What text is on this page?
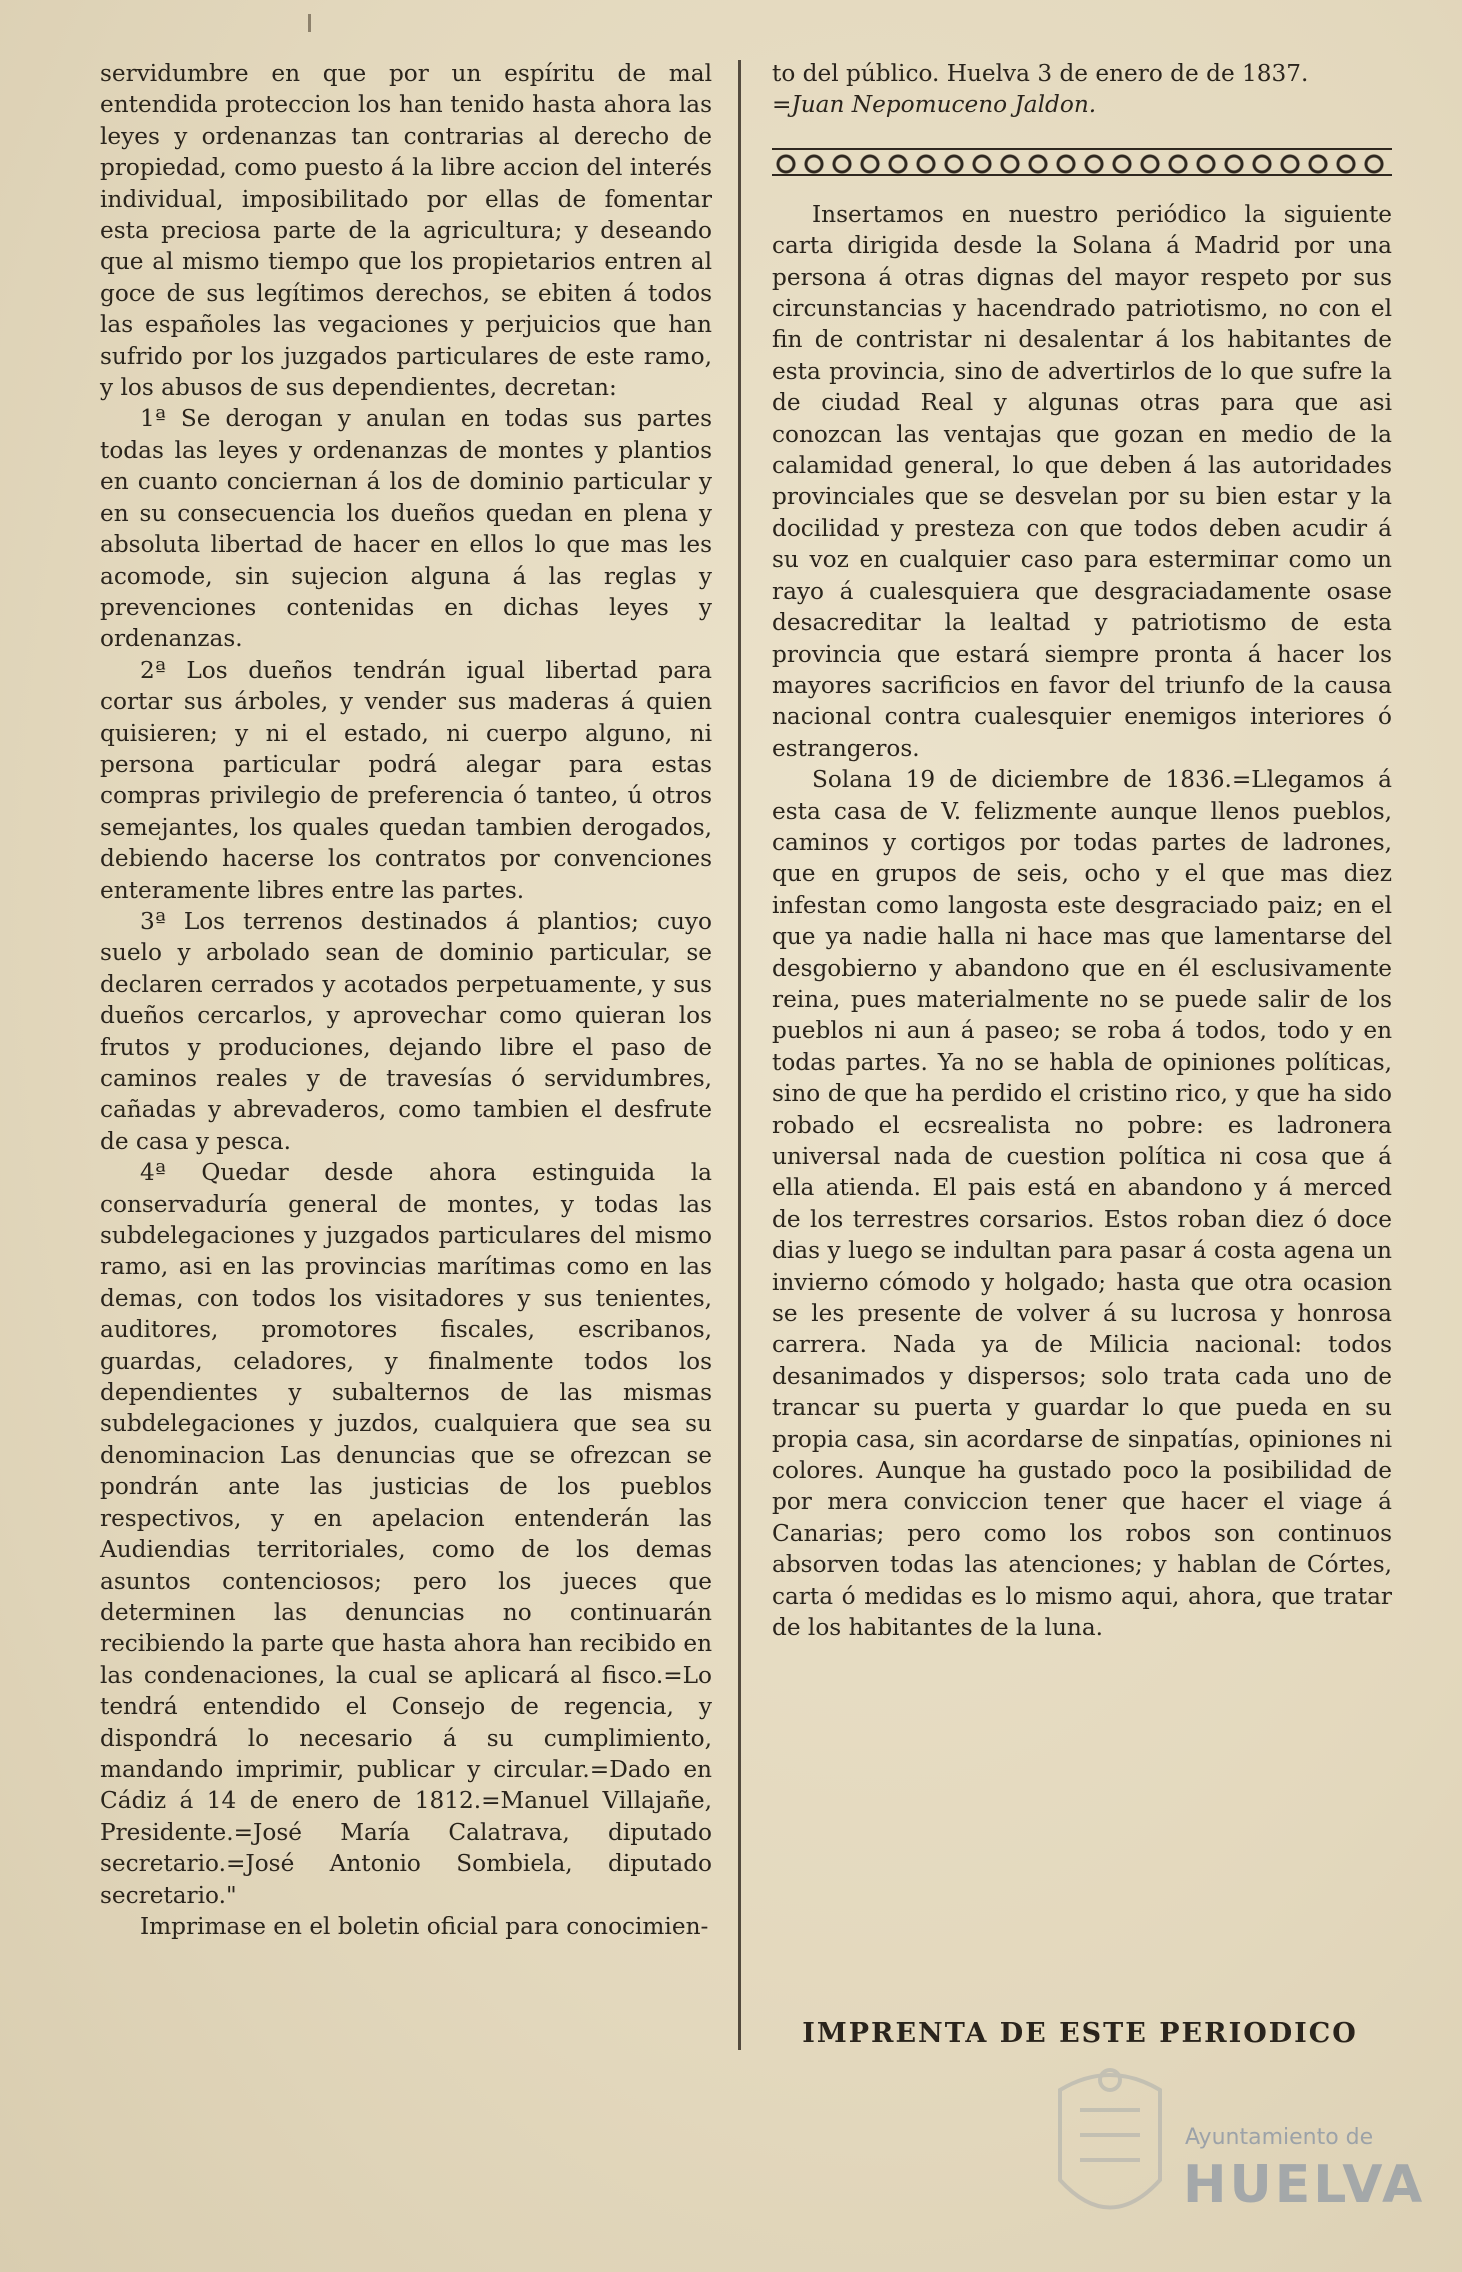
servidumbre en que por un espíritu de mal entendida proteccion los han tenido hasta ahora las leyes y ordenanzas tan contrarias al derecho de propiedad, como puesto á la libre accion del interés individual, imposibilitado por ellas de fomentar esta preciosa parte de la agricultura; y deseando que al mismo tiempo que los propietarios entren al goce de sus legítimos derechos, se ebiten á todos las españoles las vegaciones y perjuicios que han sufrido por los juzgados particulares de este ramo, y los abusos de sus dependientes, decretan:

1ª Se derogan y anulan en todas sus partes todas las leyes y ordenanzas de montes y plantios en cuanto conciernan á los de dominio particular y en su consecuencia los dueños quedan en plena y absoluta libertad de hacer en ellos lo que mas les acomode, sin sujecion alguna á las reglas y prevenciones contenidas en dichas leyes y ordenanzas.

2ª Los dueños tendrán igual libertad para cortar sus árboles, y vender sus maderas á quien quisieren; y ni el estado, ni cuerpo alguno, ni persona particular podrá alegar para estas compras privilegio de preferencia ó tanteo, ú otros semejantes, los quales quedan tambien derogados, debiendo hacerse los contratos por convenciones enteramente libres entre las partes.

3ª Los terrenos destinados á plantios; cuyo suelo y arbolado sean de dominio particular, se declaren cerrados y acotados perpetuamente, y sus dueños cercarlos, y aprovechar como quieran los frutos y produciones, dejando libre el paso de caminos reales y de travesías ó servidumbres, cañadas y abrevaderos, como tambien el desfrute de casa y pesca.

4ª Quedar desde ahora estinguida la conservaduría general de montes, y todas las subdelegaciones y juzgados particulares del mismo ramo, asi en las provincias marítimas como en las demas, con todos los visitadores y sus tenientes, auditores, promotores fiscales, escribanos, guardas, celadores, y finalmente todos los dependientes y subalternos de las mismas subdelegaciones y juzdos, cualquiera que sea su denominacion Las denuncias que se ofrezcan se pondrán ante las justicias de los pueblos respectivos, y en apelacion entenderán las Audiendias territoriales, como de los demas asuntos contenciosos; pero los jueces que determinen las denuncias no continuarán recibiendo la parte que hasta ahora han recibido en las condenaciones, la cual se aplicará al fisco.=Lo tendrá entendido el Consejo de regencia, y dispondrá lo necesario á su cumplimiento, mandando imprimir, publicar y circular.=Dado en Cádiz á 14 de enero de 1812.=Manuel Villajañe, Presidente.=José María Calatrava, diputado secretario.=José Antonio Sombiela, diputado secretario."

Imprimase en el boletin oficial para conocimien-

to del público. Huelva 3 de enero de de 1837.

=Juan Nepomuceno Jaldon.

Insertamos en nuestro periódico la siguiente carta dirigida desde la Solana á Madrid por una persona á otras dignas del mayor respeto por sus circunstancias y hacendrado patriotismo, no con el fin de contristar ni desalentar á los habitantes de esta provincia, sino de advertirlos de lo que sufre la de ciudad Real y algunas otras para que asi conozcan las ventajas que gozan en medio de la calamidad general, lo que deben á las autoridades provinciales que se desvelan por su bien estar y la docilidad y presteza con que todos deben acudir á su voz en cualquier caso para estermiпar como un rayo á cualesquiera que desgraciadamente osase desacreditar la lealtad y patriotismo de esta provincia que estará siempre pronta á hacer los mayores sacrificios en favor del triunfo de la causa nacional contra cualesquier enemigos interiores ó estrangeros.

Solana 19 de diciembre de 1836.=Llegamos á esta casa de V. felizmente aunque llenos pueblos, caminos y cortigos por todas partes de ladrones, que en grupos de seis, ocho y el que mas diez infestan como langosta este desgraciado paiz; en el que ya nadie halla ni hace mas que lamentarse del desgobierno y abandono que en él esclusivamente reina, pues materialmente no se puede salir de los pueblos ni aun á paseo; se roba á todos, todo y en todas partes. Ya no se habla de opiniones políticas, sino de que ha perdido el cristino rico, y que ha sido robado el ecsrealista no pobre: es ladronera universal nada de cuestion política ni cosa que á ella atienda. El pais está en abandono y á merced de los terrestres corsarios. Estos roban diez ó doce dias y luego se indultan para pasar á costa agena un invierno cómodo y holgado; hasta que otra ocasion se les presente de volver á su lucrosa y honrosa carrera. Nada ya de Milicia nacional: todos desanimados y dispersos; solo trata cada uno de trancar su puerta y guardar lo que pueda en su propia casa, sin acordarse de sinpatías, opiniones ni colores. Aunque ha gustado poco la posibilidad de por mera conviccion tener que hacer el viage á Canarias; pero como los robos son continuos absorven todas las atenciones; y hablan de Córtes, carta ó medidas es lo mismo aqui, ahora, que tratar de los habitantes de la luna.

IMPRENTA DE ESTE PERIODICO
Ayuntamiento de
HUELVA
